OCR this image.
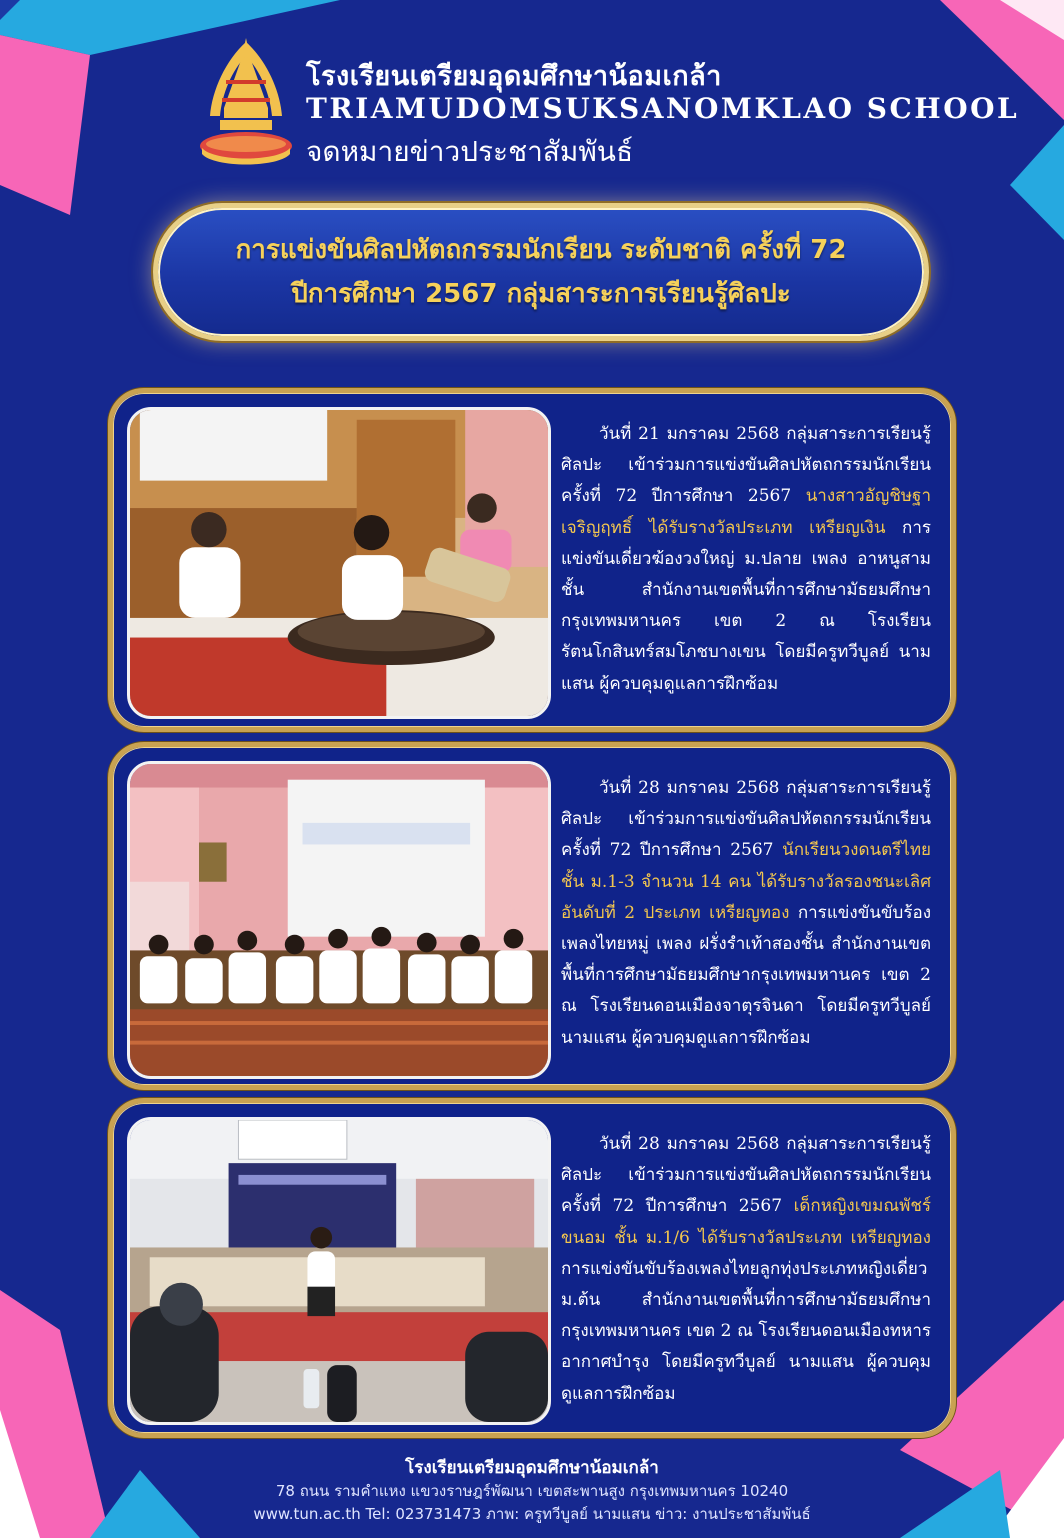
โรงเรียนเตรียมอุดมศึกษาน้อมเกล้า
TRIAMUDOMSUKSANOMKLAO SCHOOL
จดหมายข่าวประชาสัมพันธ์
การแข่งขันศิลปหัตถกรรมนักเรียน ระดับชาติ ครั้งที่ 72
ปีการศึกษา 2567 กลุ่มสาระการเรียนรู้ศิลปะ
วันที่ 21 มกราคม 2568 กลุ่มสาระการเรียนรู้ศิลปะ เข้าร่วมการแข่งขันศิลปหัตถกรรมนักเรียน ครั้งที่ 72 ปีการศึกษา 2567 นางสาวอัญชิษฐา เจริญฤทธิ์ ได้รับรางวัลประเภท เหรียญเงิน การแข่งขันเดี่ยวฆ้องวงใหญ่ ม.ปลาย เพลง อาหนูสามชั้น สำนักงานเขตพื้นที่การศึกษามัธยมศึกษากรุงเทพมหานคร เขต 2 ณ โรงเรียนรัตนโกสินทร์สมโภชบางเขน โดยมีครูทวีบูลย์ นามแสน ผู้ควบคุมดูแลการฝึกซ้อม
วันที่ 28 มกราคม 2568 กลุ่มสาระการเรียนรู้ศิลปะ เข้าร่วมการแข่งขันศิลปหัตถกรรมนักเรียน ครั้งที่ 72 ปีการศึกษา 2567 นักเรียนวงดนตรีไทย ชั้น ม.1-3 จำนวน 14 คน ได้รับรางวัลรองชนะเลิศ อันดับที่ 2 ประเภท เหรียญทอง การแข่งขันขับร้อง เพลงไทยหมู่ เพลง ฝรั่งรำเท้าสองชั้น สำนักงานเขตพื้นที่การศึกษามัธยมศึกษากรุงเทพมหานคร เขต 2 ณ โรงเรียนดอนเมืองจาตุรจินดา โดยมีครูทวีบูลย์ นามแสน ผู้ควบคุมดูแลการฝึกซ้อม
วันที่ 28 มกราคม 2568 กลุ่มสาระการเรียนรู้ศิลปะ เข้าร่วมการแข่งขันศิลปหัตถกรรมนักเรียน ครั้งที่ 72 ปีการศึกษา 2567 เด็กหญิงเขมณพัชร์ ขนอม ชั้น ม.1/6 ได้รับรางวัลประเภท เหรียญทอง การแข่งขันขับร้องเพลงไทยลูกทุ่งประเภทหญิงเดี่ยว ม.ต้น สำนักงานเขตพื้นที่การศึกษามัธยมศึกษากรุงเทพมหานคร เขต 2 ณ โรงเรียนดอนเมืองทหารอากาศบำรุง โดยมีครูทวีบูลย์ นามแสน ผู้ควบคุมดูแลการฝึกซ้อม
โรงเรียนเตรียมอุดมศึกษาน้อมเกล้า
78 ถนน รามคำแหง แขวงราษฎร์พัฒนา เขตสะพานสูง กรุงเทพมหานคร 10240
www.tun.ac.th Tel: 023731473 ภาพ: ครูทวีบูลย์ นามแสน ข่าว: งานประชาสัมพันธ์
